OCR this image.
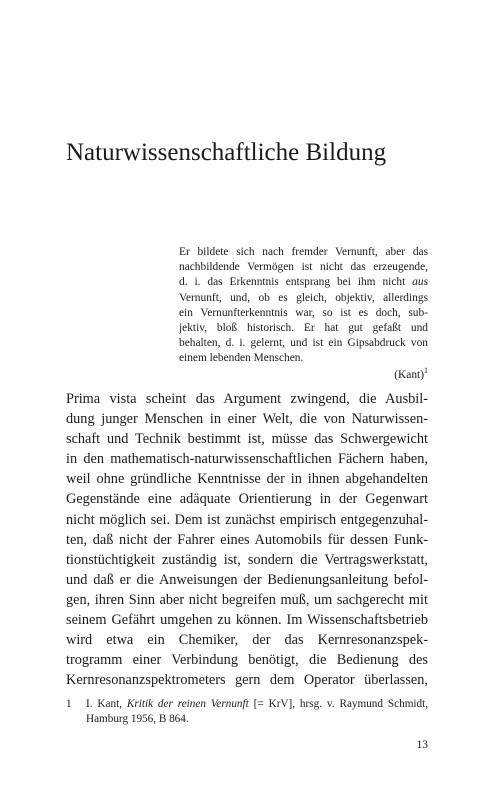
Naturwissenschaftliche Bildung
Er bildete sich nach fremder Vernunft, aber das
nachbildende Vermögen ist nicht das erzeugende,
d. i. das Erkenntnis entsprang bei ihm nicht aus
Vernunft, und, ob es gleich, objektiv, allerdings
ein Vernunfterkenntnis war, so ist es doch, sub-
jektiv, bloß historisch. Er hat gut gefaßt und
behalten, d. i. gelernt, und ist ein Gipsabdruck von
einem lebenden Menschen.
(Kant)$^1$
Prima vista scheint das Argument zwingend, die Ausbil-
dung junger Menschen in einer Welt, die von Naturwissen-
schaft und Technik bestimmt ist, müsse das Schwergewicht
in den mathematisch-naturwissenschaftlichen Fächern haben,
weil ohne gründliche Kenntnisse der in ihnen abgehandelten
Gegenstände eine adäquate Orientierung in der Gegenwart
nicht möglich sei. Dem ist zunächst empirisch entgegenzuhal-
ten, daß nicht der Fahrer eines Automobils für dessen Funk-
tionstüchtigkeit zuständig ist, sondern die Vertragswerkstatt,
und daß er die Anweisungen der Bedienungsanleitung befol-
gen, ihren Sinn aber nicht begreifen muß, um sachgerecht mit
seinem Gefährt umgehen zu können. Im Wissenschaftsbetrieb
wird etwa ein Chemiker, der das Kernresonanzspek-
trogramm einer Verbindung benötigt, die Bedienung des
Kernresonanzspektrometers gern dem Operator überlassen,
1 I. Kant, Kritik der reinen Vernunft [= KrV], hrsg. v. Raymund Schmidt,
Hamburg 1956, B 864.
13
